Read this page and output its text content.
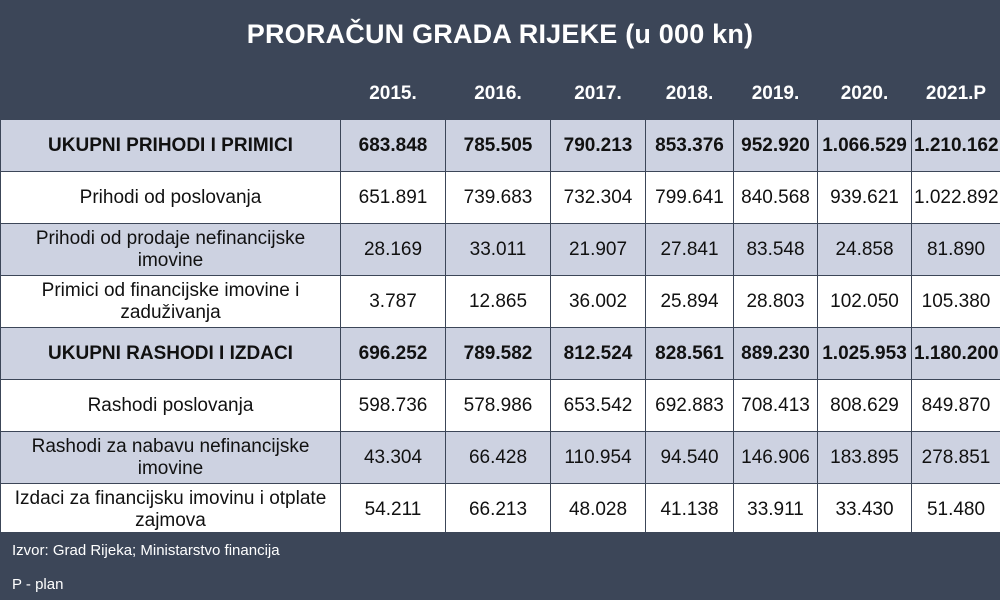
PRORAČUN GRADA RIJEKE (u 000 kn)
	2015.	2016.	2017.	2018.	2019.	2020.	2021.P
UKUPNI PRIHODI I PRIMICI	683.848	785.505	790.213	853.376	952.920	1.066.529	1.210.162
Prihodi od poslovanja	651.891	739.683	732.304	799.641	840.568	939.621	1.022.892
Prihodi od prodaje nefinancijske imovine	28.169	33.011	21.907	27.841	83.548	24.858	81.890
Primici od financijske imovine i zaduživanja	3.787	12.865	36.002	25.894	28.803	102.050	105.380
UKUPNI RASHODI I IZDACI	696.252	789.582	812.524	828.561	889.230	1.025.953	1.180.200
Rashodi poslovanja	598.736	578.986	653.542	692.883	708.413	808.629	849.870
Rashodi za nabavu nefinancijske imovine	43.304	66.428	110.954	94.540	146.906	183.895	278.851
Izdaci za financijsku imovinu i otplate zajmova	54.211	66.213	48.028	41.138	33.911	33.430	51.480
Izvor: Grad Rijeka; Ministarstvo financija
P - plan
